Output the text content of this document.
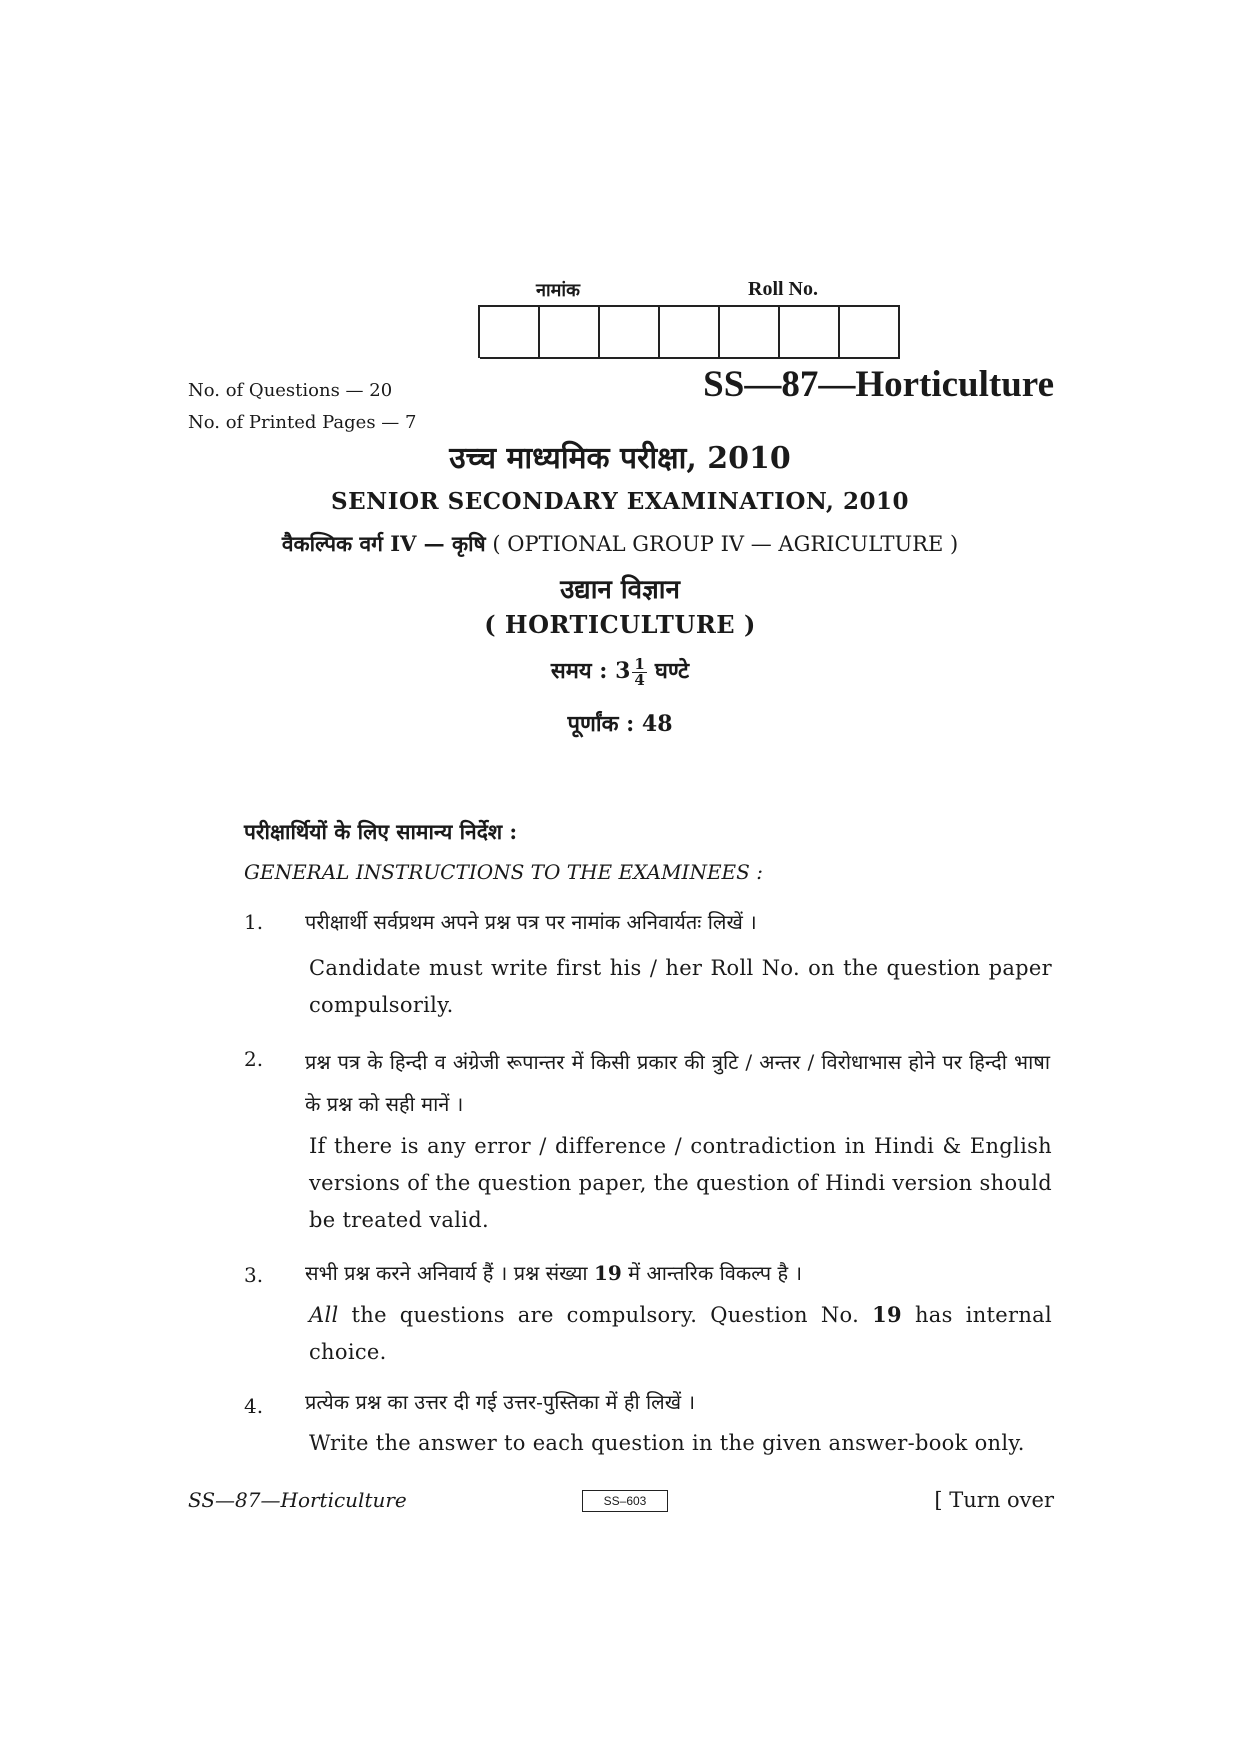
नामांक	Roll No.
No. of Questions — 20
No. of Printed Pages — 7
SS—87—Horticulture
उच्च माध्यमिक परीक्षा, 2010
SENIOR SECONDARY EXAMINATION, 2010
वैकल्पिक वर्ग IV — कृषि ( OPTIONAL GROUP IV — AGRICULTURE )
उद्यान विज्ञान
( HORTICULTURE )
समय : $3 \frac{1}{4}$ घण्टे
पूर्णांक : 48
परीक्षार्थियों के लिए सामान्य निर्देश :
GENERAL INSTRUCTIONS TO THE EXAMINEES :
1. परीक्षार्थी सर्वप्रथम अपने प्रश्न पत्र पर नामांक अनिवार्यतः लिखें ।
Candidate must write first his / her Roll No. on the question paper compulsorily.
2. प्रश्न पत्र के हिन्दी व अंग्रेजी रूपान्तर में किसी प्रकार की त्रुटि / अन्तर / विरोधाभास होने पर हिन्दी भाषा के प्रश्न को सही मानें ।
If there is any error / difference / contradiction in Hindi & English versions of the question paper, the question of Hindi version should be treated valid.
3. सभी प्रश्न करने अनिवार्य हैं । प्रश्न संख्या 19 में आन्तरिक विकल्प है ।
All the questions are compulsory. Question No. 19 has internal choice.
4. प्रत्येक प्रश्न का उत्तर दी गई उत्तर-पुस्तिका में ही लिखें ।
Write the answer to each question in the given answer-book only.
SS—87—Horticulture	SS–603	[ Turn over
